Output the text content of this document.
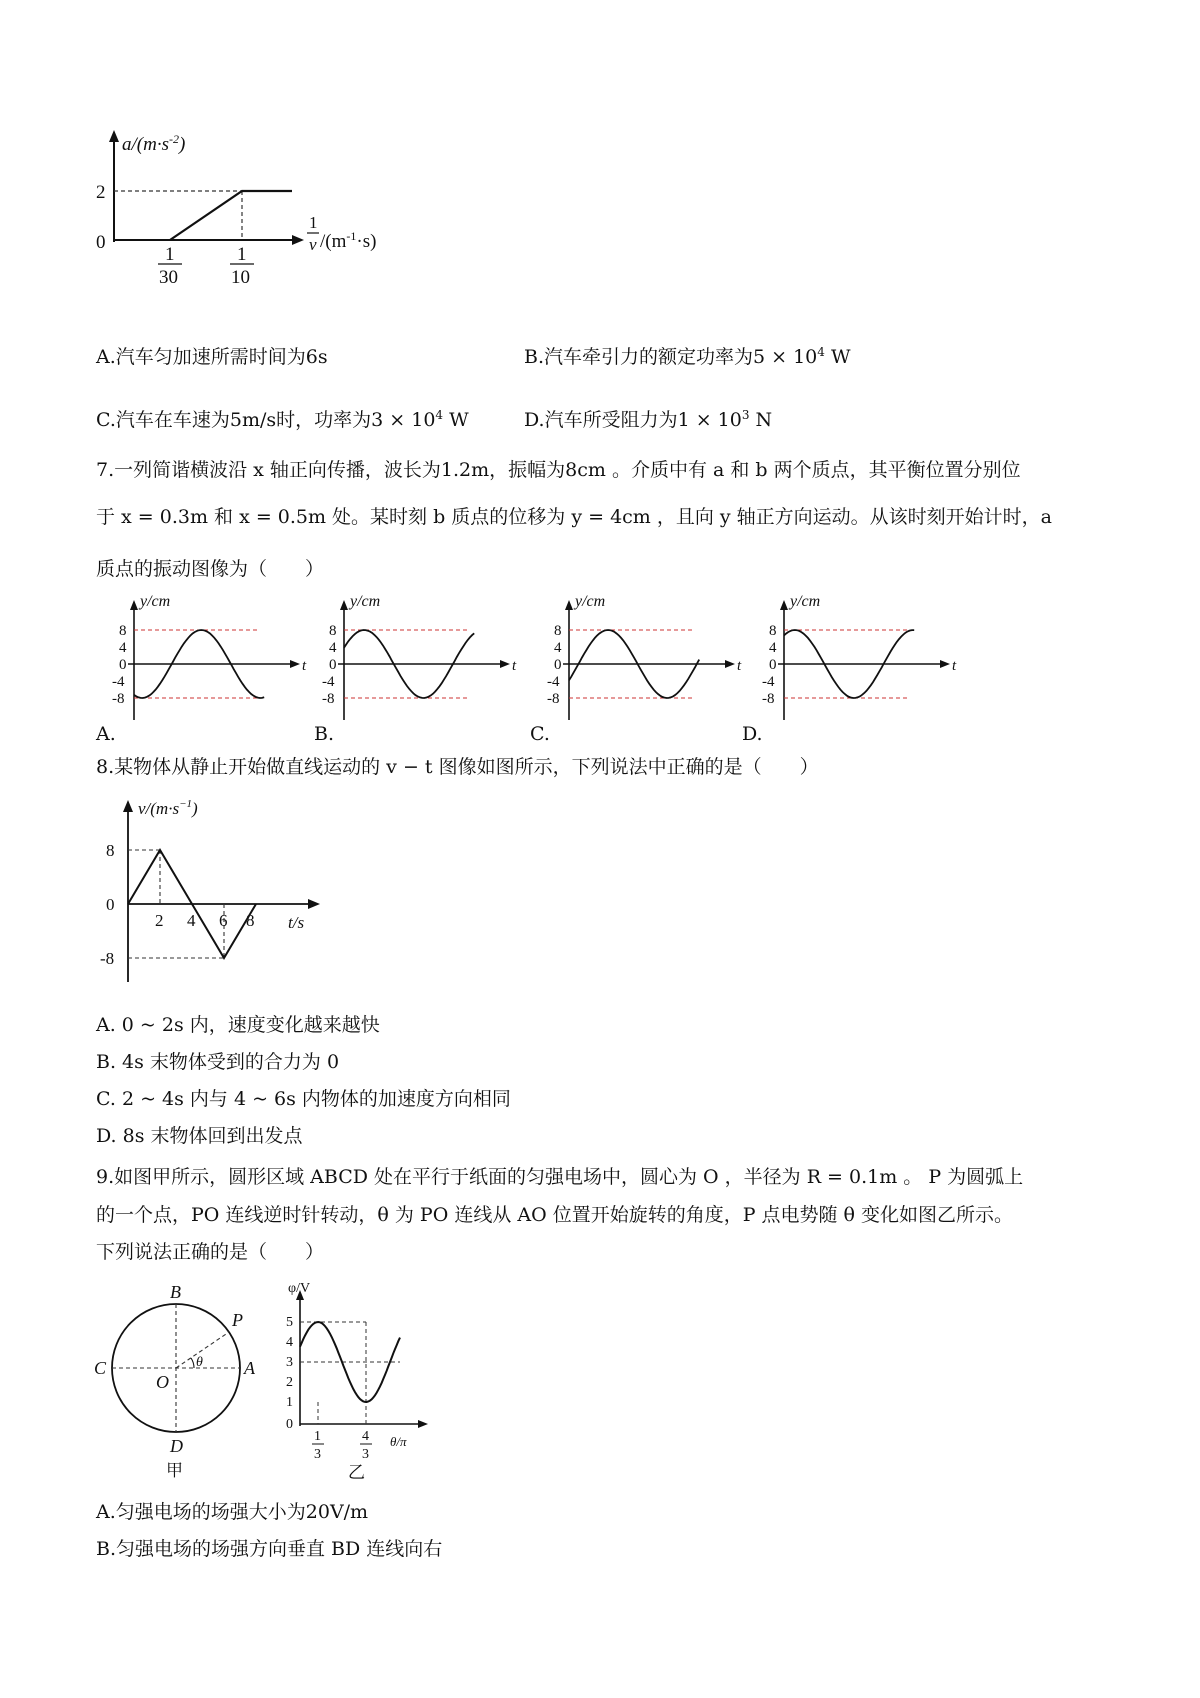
$a/(m\cdot s^{-2})$
2
0
1
v $/(m^{-1}\cdot s)$
1
30
1
10
A.汽车匀加速所需时间为6s	B.汽车牵引力的额定功率为$5 \times 10^4$ W
C.汽车在车速为5m/s时，功率为$3 \times 10^4$ W	D.汽车所受阻力为$1 \times 10^3$ N
7.一列简谐横波沿 x 轴正向传播，波长为1.2m，振幅为8cm 。介质中有 a 和 b 两个质点，其平衡位置分别位
于 x = 0.3m 和 x = 0.5m 处。某时刻 b 质点的位移为 y = 4cm ，且向 y 轴正方向运动。从该时刻开始计时，a
质点的振动图像为（　　）
8
4
0
-4
-8
y/cm
t
A.
8
4
0
-4
-8
y/cm
t
B.
8
4
0
-4
-8
y/cm
t
C.
8
4
0
-4
-8
y/cm
t
D.
8.某物体从静止开始做直线运动的 v − t 图像如图所示，下列说法中正确的是（　　）
$v/(m\cdot s^{-1})$
8
0
-8
2 4 6 8 t/s
A. 0 ~ 2s 内，速度变化越来越快
B. 4s 末物体受到的合力为 0
C. 2 ~ 4s 内与 4 ~ 6s 内物体的加速度方向相同
D. 8s 末物体回到出发点
9.如图甲所示，圆形区域 ABCD 处在平行于纸面的匀强电场中，圆心为 O ，半径为 R = 0.1m 。 P 为圆弧上
的一个点，PO 连线逆时针转动，θ 为 PO 连线从 AO 位置开始旋转的角度，P 点电势随 θ 变化如图乙所示。
下列说法正确的是（　　）
B
D
C	A
O
P
θ
甲
φ/V
5
4
3
2
1
0
1
3
4
3
θ/π
乙
A.匀强电场的场强大小为20V/m
B.匀强电场的场强方向垂直 BD 连线向右
